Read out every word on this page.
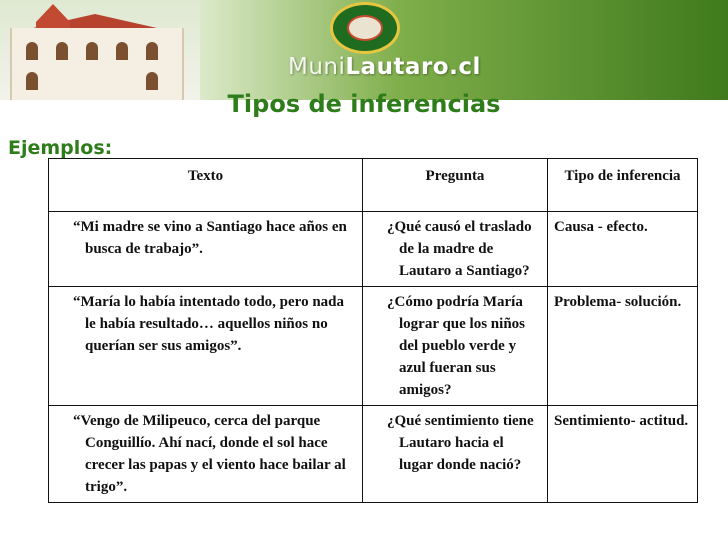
MuniLautaro.cl
Tipos de inferencias
Ejemplos:
Texto	Pregunta	Tipo de inferencia
“Mi madre se vino a Santiago hace años en busca de trabajo”.	¿Qué causó el traslado de la madre de Lautaro a Santiago?	Causa - efecto.
“María lo había intentado todo, pero nada le había resultado… aquellos niños no querían ser sus amigos”.	¿Cómo podría María lograr que los niños del pueblo verde y azul fueran sus amigos?	Problema- solución.
“Vengo de Milipeuco, cerca del parque Conguillío. Ahí nací, donde el sol hace crecer las papas y el viento hace bailar al trigo”.	¿Qué sentimiento tiene Lautaro hacia el lugar donde nació?	Sentimiento- actitud.
